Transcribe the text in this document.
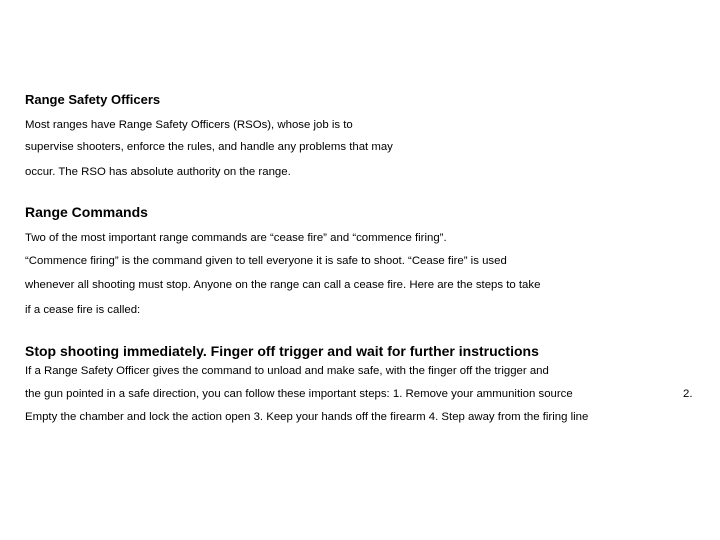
Range Safety Officers
Most ranges have Range Safety Officers (RSOs), whose job is to
supervise shooters, enforce the rules, and handle any problems that may
occur. The RSO has absolute authority on the range.
Range Commands
Two of the most important range commands are “cease fire” and “commence firing”.
“Commence firing” is the command given to tell everyone it is safe to shoot. “Cease fire” is used
whenever all shooting must stop. Anyone on the range can call a cease fire. Here are the steps to take
if a cease fire is called:
Stop shooting immediately. Finger off trigger and wait for further instructions
If a Range Safety Officer gives the command to unload and make safe, with the finger off the trigger and
the gun pointed in a safe direction, you can follow these important steps: 1. Remove your ammunition source	2.
Empty the chamber and lock the action open 3. Keep your hands off the firearm 4. Step away from the firing line
